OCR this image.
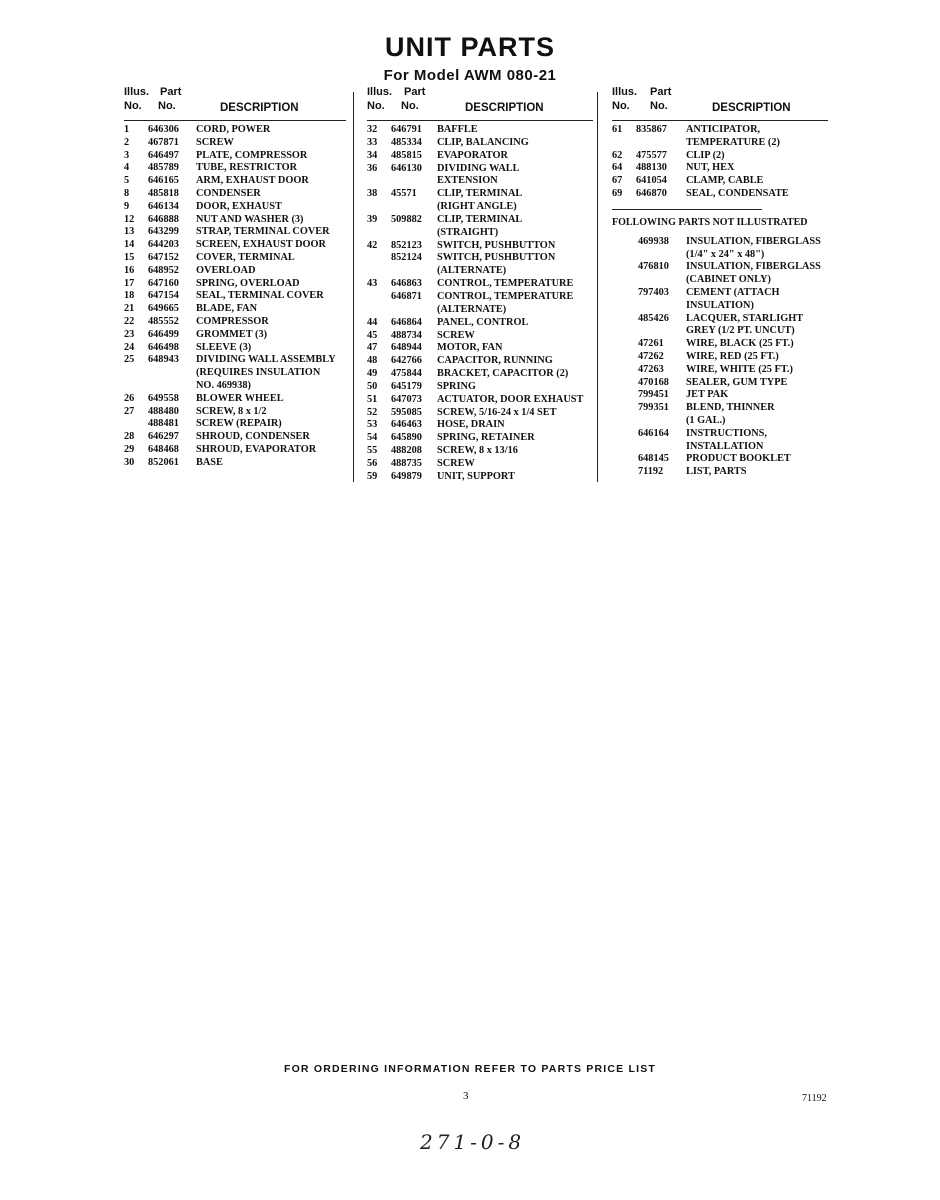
UNIT PARTS
For Model AWM 080-21
Illus. Part
No. No.	DESCRIPTION
1 646306 CORD, POWER
2 467871 SCREW
3 646497 PLATE, COMPRESSOR
4 485789 TUBE, RESTRICTOR
5 646165 ARM, EXHAUST DOOR
8 485818 CONDENSER
9 646134 DOOR, EXHAUST
12 646888 NUT AND WASHER (3)
13 643299 STRAP, TERMINAL COVER
14 644203 SCREEN, EXHAUST DOOR
15 647152 COVER, TERMINAL
16 648952 OVERLOAD
17 647160 SPRING, OVERLOAD
18 647154 SEAL, TERMINAL COVER
21 649665 BLADE, FAN
22 485552 COMPRESSOR
23 646499 GROMMET (3)
24 646498 SLEEVE (3)
25 648943 DIVIDING WALL ASSEMBLY
(REQUIRES INSULATION
NO. 469938)
26 649558 BLOWER WHEEL
27 488480 SCREW, 8 x 1/2
488481 SCREW (REPAIR)
28 646297 SHROUD, CONDENSER
29 648468 SHROUD, EVAPORATOR
30 852061 BASE
Illus. Part
No. No.	DESCRIPTION
32 646791 BAFFLE
33 485334 CLIP, BALANCING
34 485815 EVAPORATOR
36 646130 DIVIDING WALL
EXTENSION
38 45571 CLIP, TERMINAL
(RIGHT ANGLE)
39 509882 CLIP, TERMINAL
(STRAIGHT)
42 852123 SWITCH, PUSHBUTTON
852124 SWITCH, PUSHBUTTON
(ALTERNATE)
43 646863 CONTROL, TEMPERATURE
646871 CONTROL, TEMPERATURE
(ALTERNATE)
44 646864 PANEL, CONTROL
45 488734 SCREW
47 648944 MOTOR, FAN
48 642766 CAPACITOR, RUNNING
49 475844 BRACKET, CAPACITOR (2)
50 645179 SPRING
51 647073 ACTUATOR, DOOR EXHAUST
52 595085 SCREW, 5/16-24 x 1/4 SET
53 646463 HOSE, DRAIN
54 645890 SPRING, RETAINER
55 488208 SCREW, 8 x 13/16
56 488735 SCREW
59 649879 UNIT, SUPPORT
Illus. Part
No. No.	DESCRIPTION
61 835867 ANTICIPATOR,
TEMPERATURE (2)
62 475577 CLIP (2)
64 488130 NUT, HEX
67 641054 CLAMP, CABLE
69 646870 SEAL, CONDENSATE
FOLLOWING PARTS NOT ILLUSTRATED
469938 INSULATION, FIBERGLASS
(1/4" x 24" x 48")
476810 INSULATION, FIBERGLASS
(CABINET ONLY)
797403 CEMENT (ATTACH
INSULATION)
485426 LACQUER, STARLIGHT
GREY (1/2 PT. UNCUT)
47261 WIRE, BLACK (25 FT.)
47262 WIRE, RED (25 FT.)
47263 WIRE, WHITE (25 FT.)
470168 SEALER, GUM TYPE
799451 JET PAK
799351 BLEND, THINNER
(1 GAL.)
646164 INSTRUCTIONS,
INSTALLATION
648145 PRODUCT BOOKLET
71192 LIST, PARTS
FOR ORDERING INFORMATION REFER TO PARTS PRICE LIST
3	71192
271-0-8
